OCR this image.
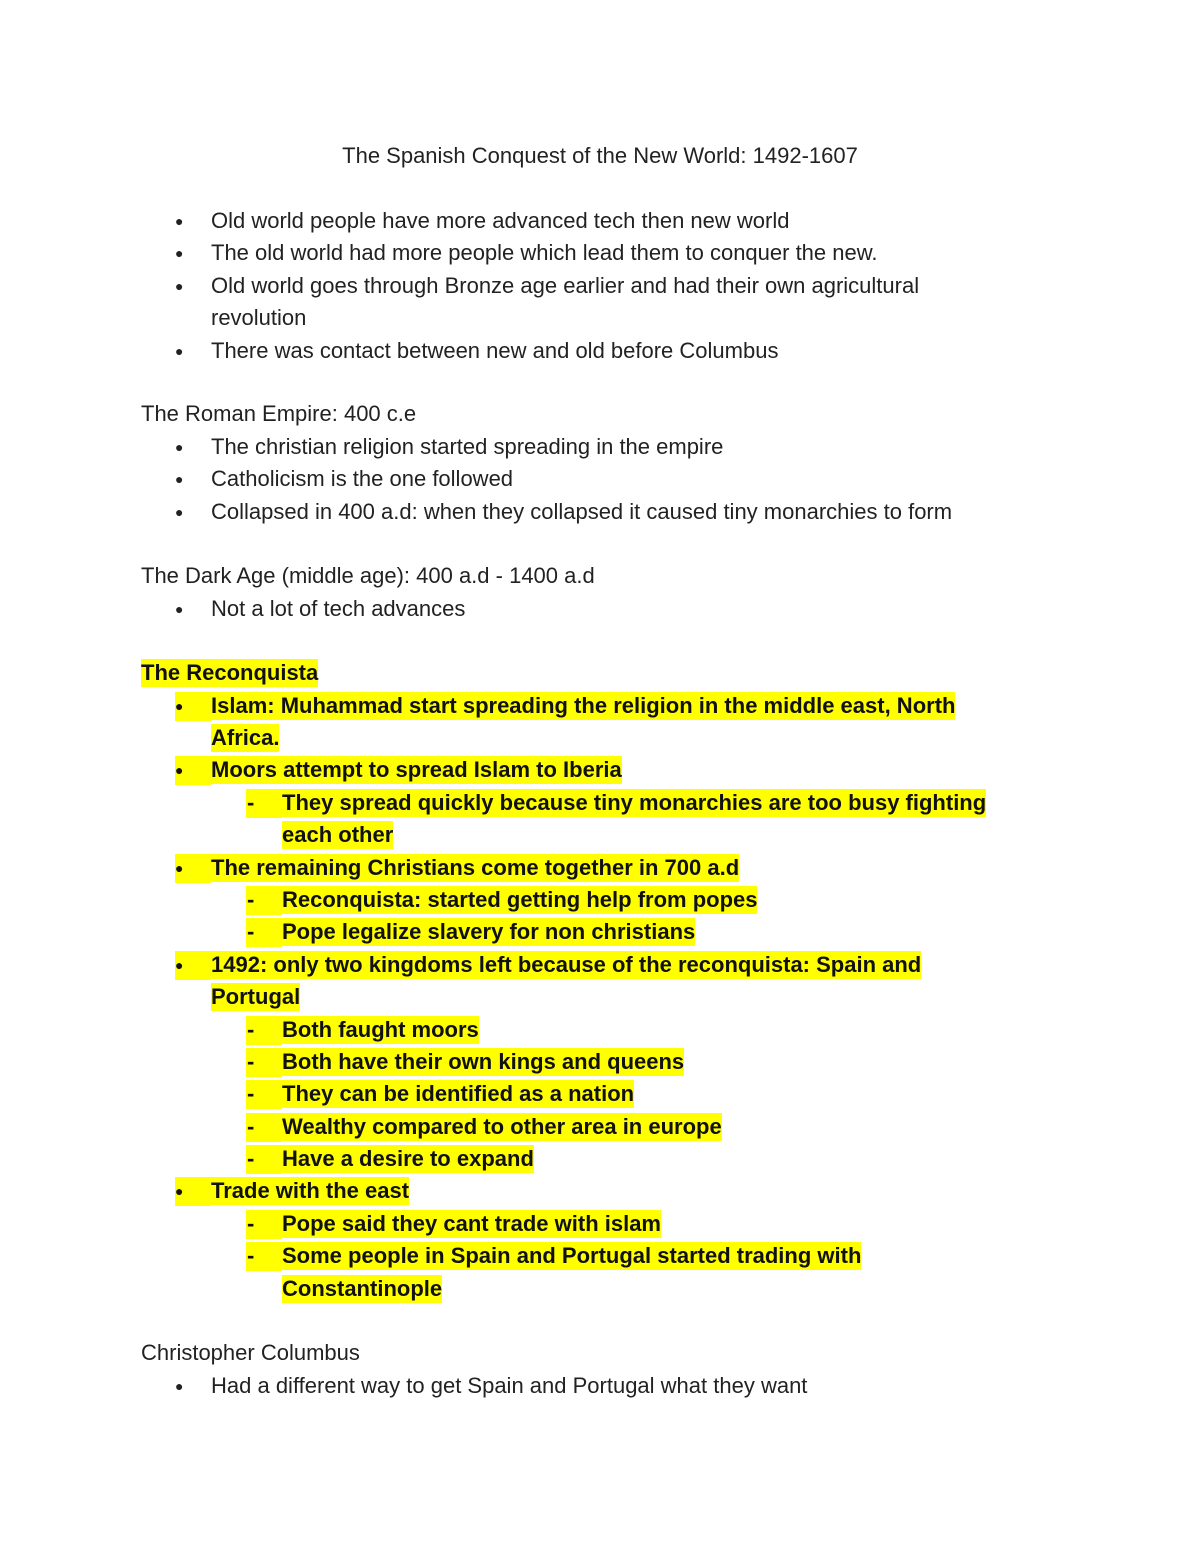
The Spanish Conquest of the New World: 1492-1607
● Old world people have more advanced tech then new world
● The old world had more people which lead them to conquer the new.
● Old world goes through Bronze age earlier and had their own agricultural
revolution
● There was contact between new and old before Columbus
The Roman Empire: 400 c.e
● The christian religion started spreading in the empire
● Catholicism is the one followed
● Collapsed in 400 a.d: when they collapsed it caused tiny monarchies to form
The Dark Age (middle age): 400 a.d - 1400 a.d
● Not a lot of tech advances
The Reconquista
● Islam: Muhammad start spreading the religion in the middle east, North
Africa.
● Moors attempt to spread Islam to Iberia
- They spread quickly because tiny monarchies are too busy fighting
each other
● The remaining Christians come together in 700 a.d
- Reconquista: started getting help from popes
- Pope legalize slavery for non christians
● 1492: only two kingdoms left because of the reconquista: Spain and
Portugal
- Both faught moors
- Both have their own kings and queens
- They can be identified as a nation
- Wealthy compared to other area in europe
- Have a desire to expand
● Trade with the east
- Pope said they cant trade with islam
- Some people in Spain and Portugal started trading with
Constantinople
Christopher Columbus
● Had a different way to get Spain and Portugal what they want
